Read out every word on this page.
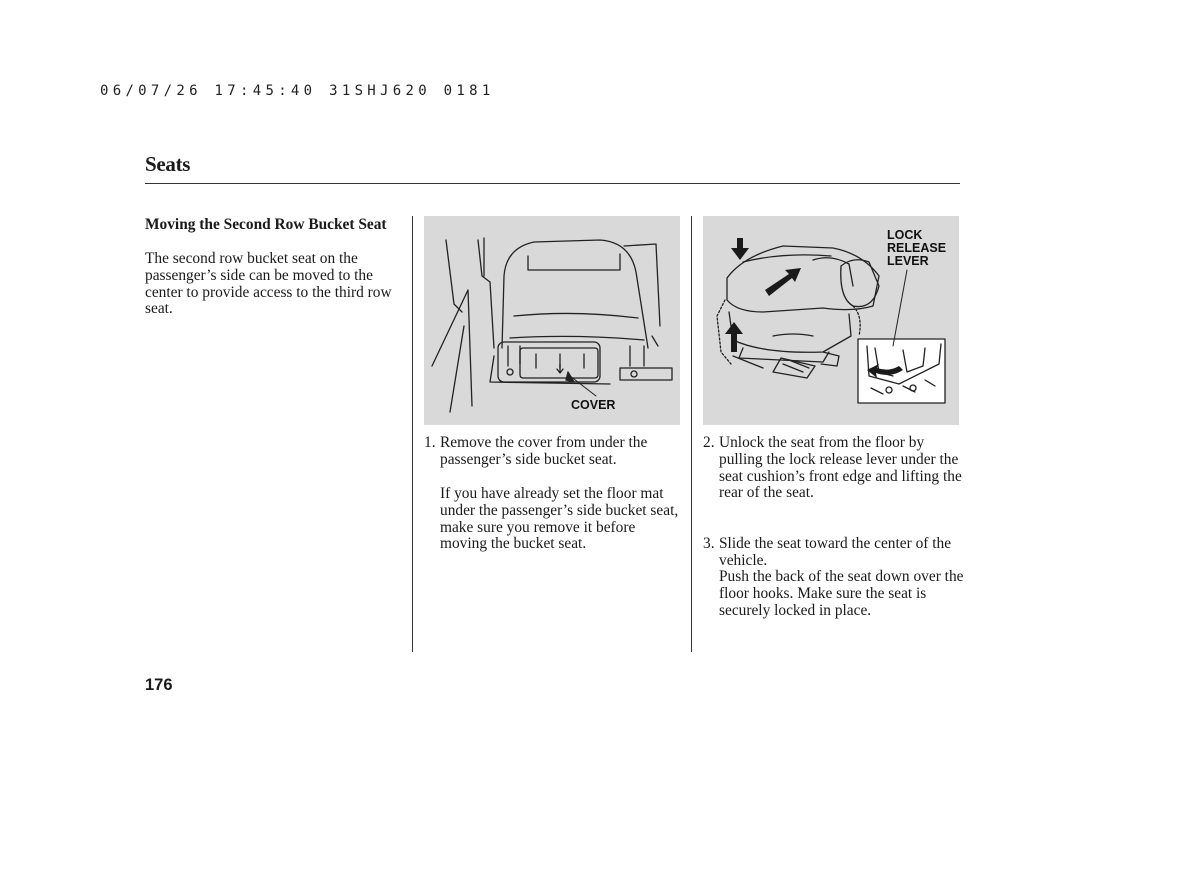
06/07/26 17:45:40 31SHJ620 0181
Seats
Moving the Second Row Bucket Seat
The second row bucket seat on the passenger’s side can be moved to the center to provide access to the third row seat.
COVER
LOCK
RELEASE
LEVER
1. Remove the cover from under the passenger’s side bucket seat.
If you have already set the floor mat under the passenger’s side bucket seat, make sure you remove it before moving the bucket seat.
2. Unlock the seat from the floor by pulling the lock release lever under the seat cushion’s front edge and lifting the rear of the seat.
3. Slide the seat toward the center of the vehicle.
Push the back of the seat down over the floor hooks. Make sure the seat is securely locked in place.
176
